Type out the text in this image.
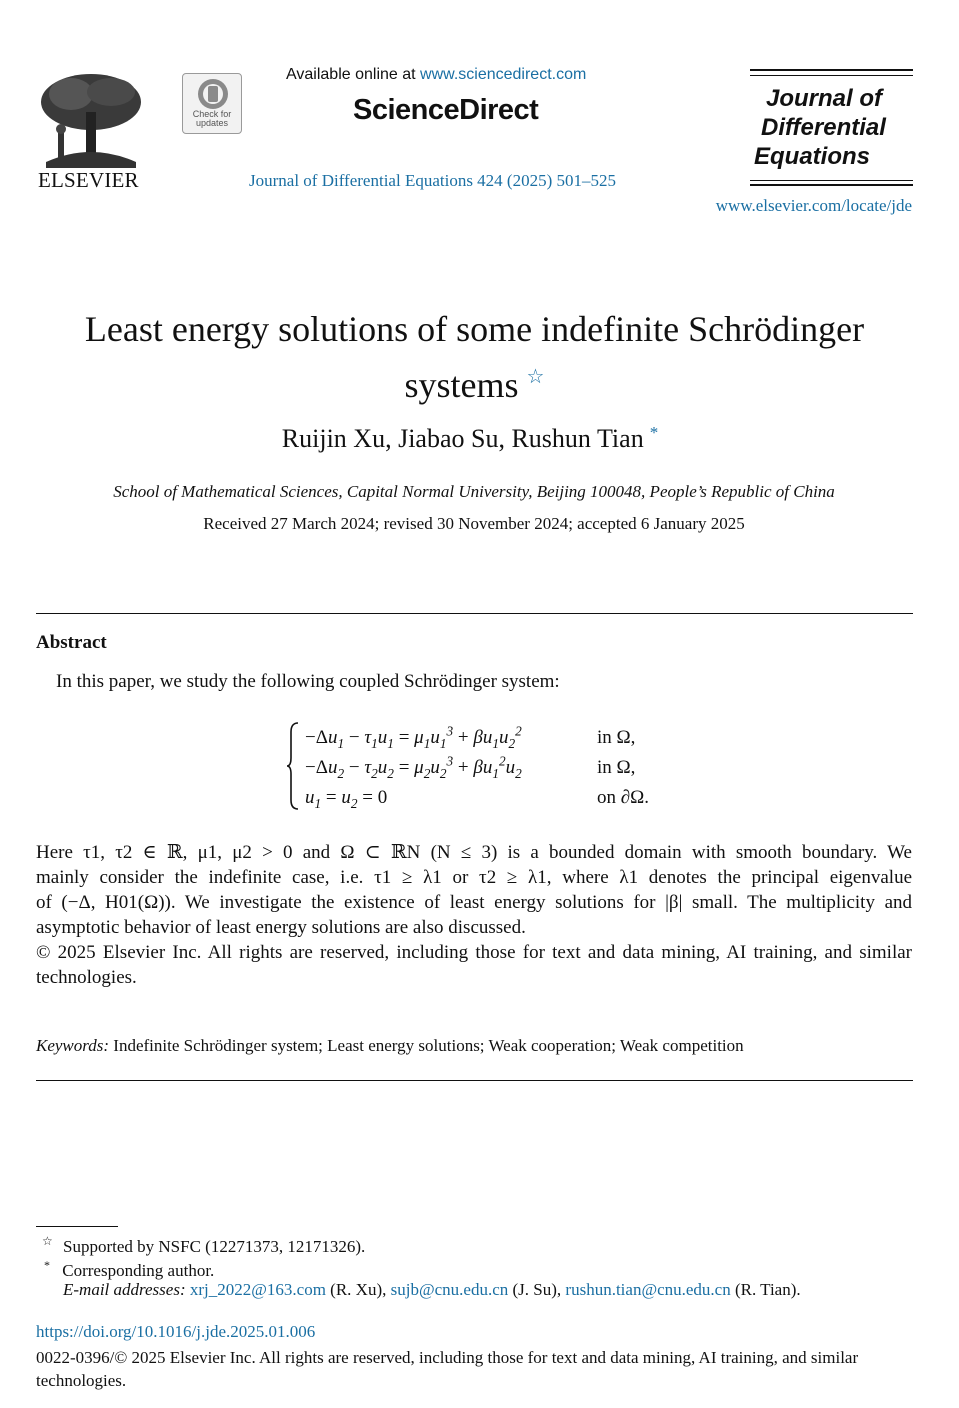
ELSEVIER
Check for updates
Available online at www.sciencedirect.com
ScienceDirect
Journal of Differential Equations 424 (2025) 501–525
Journal of
Differential
Equations
www.elsevier.com/locate/jde
Least energy solutions of some indefinite Schrödinger
systems ☆
Ruijin Xu, Jiabao Su, Rushun Tian *
School of Mathematical Sciences, Capital Normal University, Beijing 100048, People’s Republic of China
Received 27 March 2024; revised 30 November 2024; accepted 6 January 2025
Abstract
In this paper, we study the following coupled Schrödinger system:
$-\Delta u_1 - \tau_1u_1 = \mu_1u_1^3 + \beta u_1u_2^2$
$-\Delta u_2 - \tau_2u_2 = \mu_2u_2^3 + \beta u_1^2u_2$
$u_1 = u_2 = 0$
in Ω,
in Ω,
on ∂Ω.
Here τ1, τ2 ∈ ℝ, μ1, μ2 > 0 and Ω ⊂ ℝN (N ≤ 3) is a bounded domain with smooth boundary. We
mainly consider the indefinite case, i.e. τ1 ≥ λ1 or τ2 ≥ λ1, where λ1 denotes the principal eigenvalue
of (−Δ, H01(Ω)). We investigate the existence of least energy solutions for |β| small. The multiplicity and
asymptotic behavior of least energy solutions are also discussed.
© 2025 Elsevier Inc. All rights are reserved, including those for text and data mining, AI training, and similar technologies.
Keywords: Indefinite Schrödinger system; Least energy solutions; Weak cooperation; Weak competition
☆ Supported by NSFC (12271373, 12171326).
* Corresponding author.
E-mail addresses: xrj_2022@163.com (R. Xu), sujb@cnu.edu.cn (J. Su), rushun.tian@cnu.edu.cn (R. Tian).
https://doi.org/10.1016/j.jde.2025.01.006
0022-0396/© 2025 Elsevier Inc. All rights are reserved, including those for text and data mining, AI training, and similar technologies.
